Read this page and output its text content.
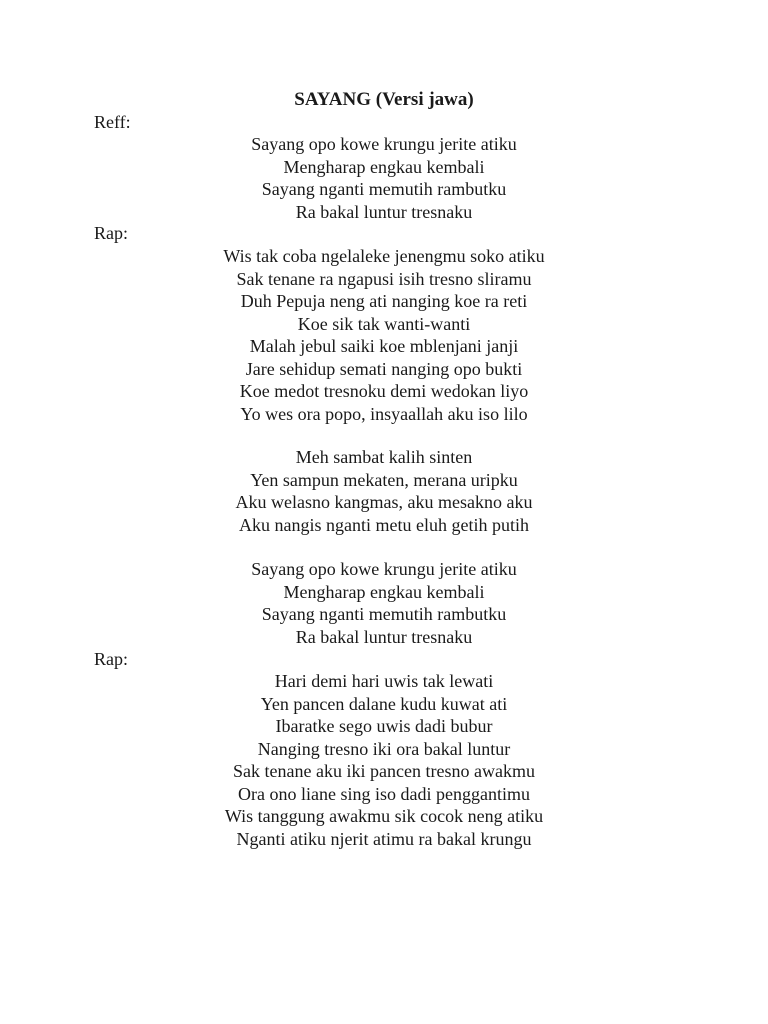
SAYANG (Versi jawa)
Reff:
Sayang opo kowe krungu jerite atiku
Mengharap engkau kembali
Sayang nganti memutih rambutku
Ra bakal luntur tresnaku
Rap:
Wis tak coba ngelaleke jenengmu soko atiku
Sak tenane ra ngapusi isih tresno sliramu
Duh Pepuja neng ati nanging koe ra reti
Koe sik tak wanti-wanti
Malah jebul saiki koe mblenjani janji
Jare sehidup semati nanging opo bukti
Koe medot tresnoku demi wedokan liyo
Yo wes ora popo, insyaallah aku iso lilo
Meh sambat kalih sinten
Yen sampun mekaten, merana uripku
Aku welasno kangmas, aku mesakno aku
Aku nangis nganti metu eluh getih putih
Sayang opo kowe krungu jerite atiku
Mengharap engkau kembali
Sayang nganti memutih rambutku
Ra bakal luntur tresnaku
Rap:
Hari demi hari uwis tak lewati
Yen pancen dalane kudu kuwat ati
Ibaratke sego uwis dadi bubur
Nanging tresno iki ora bakal luntur
Sak tenane aku iki pancen tresno awakmu
Ora ono liane sing iso dadi penggantimu
Wis tanggung awakmu sik cocok neng atiku
Nganti atiku njerit atimu ra bakal krungu
